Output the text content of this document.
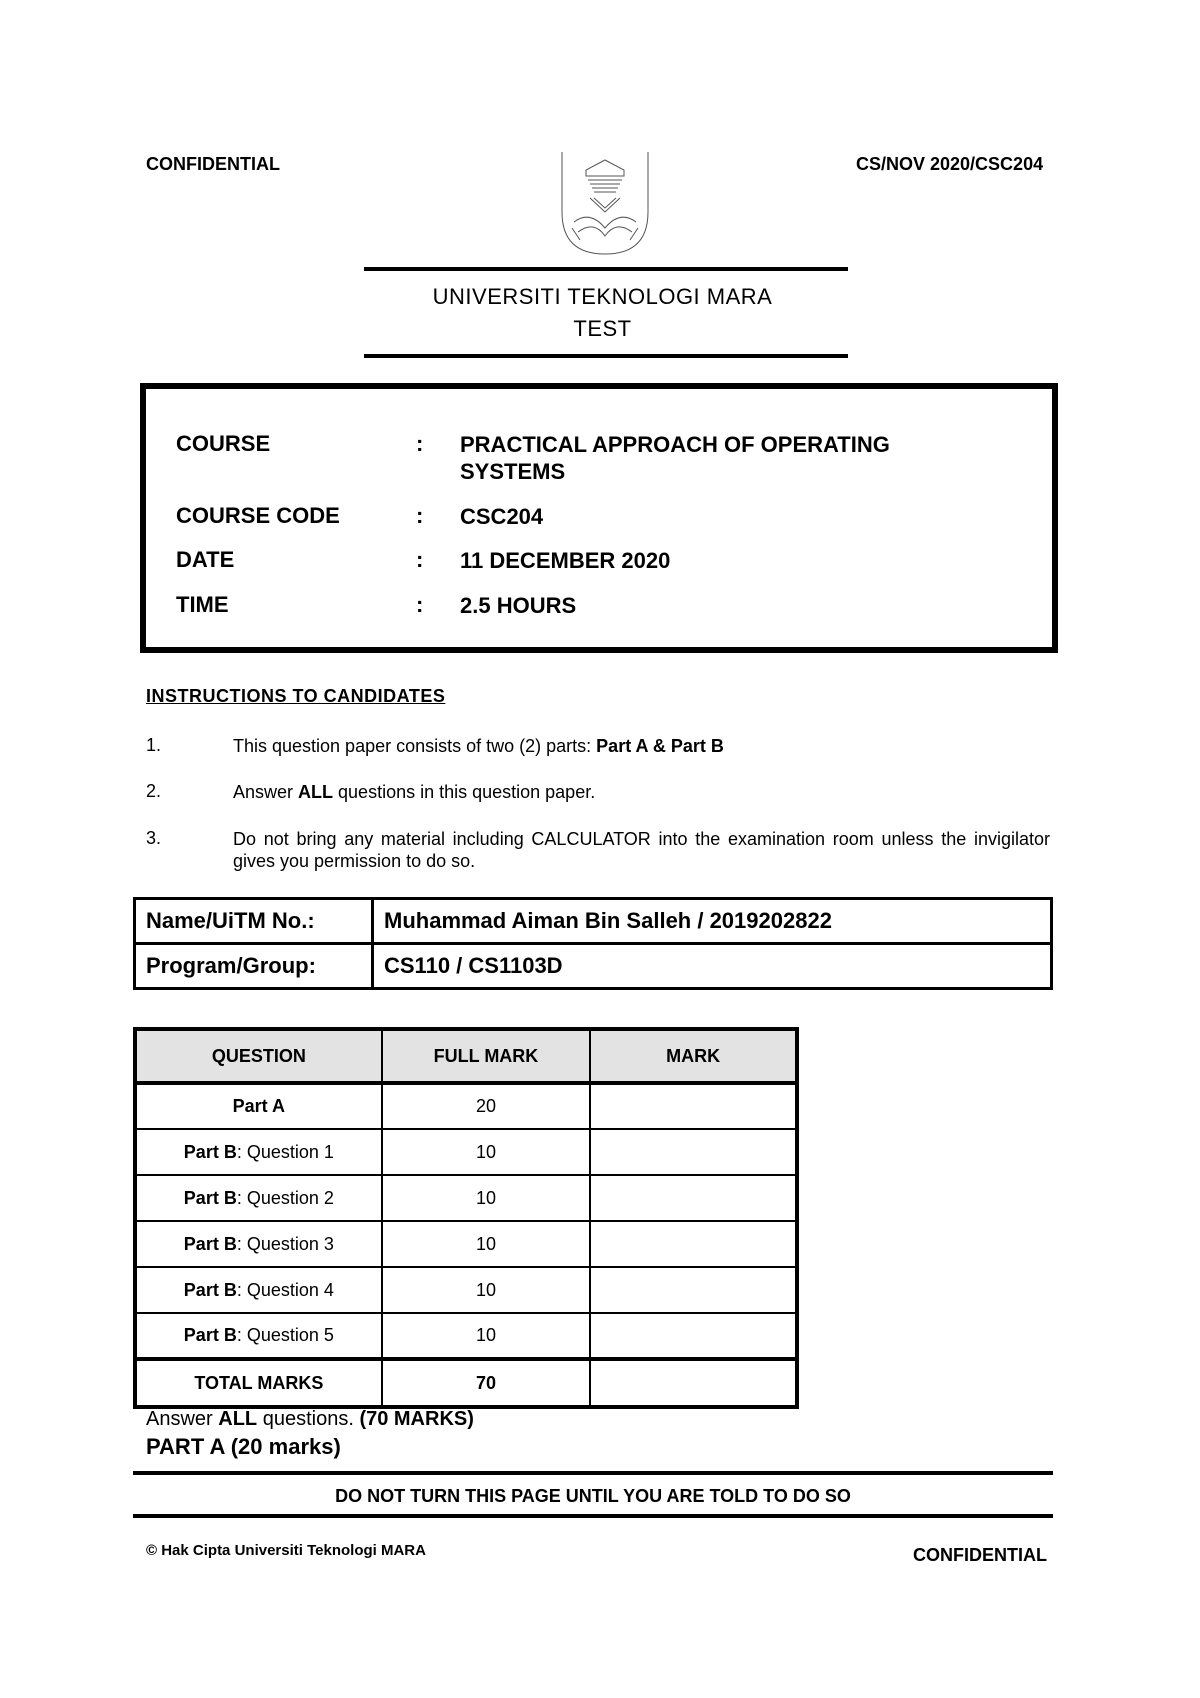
CONFIDENTIAL	CS/NOV 2020/CSC204
UNIVERSITI TEKNOLOGI MARA
TEST
COURSE	: PRACTICAL APPROACH OF OPERATING SYSTEMS
COURSE CODE	: CSC204
DATE	: 11 DECEMBER 2020
TIME	: 2.5 HOURS
INSTRUCTIONS TO CANDIDATES
1.	This question paper consists of two (2) parts: Part A & Part B
2.	Answer ALL questions in this question paper.
3.	Do not bring any material including CALCULATOR into the examination room unless the invigilator gives you permission to do so.
Name/UiTM No.:	Muhammad Aiman Bin Salleh / 2019202822
Program/Group:	CS110 / CS1103D
QUESTION	FULL MARK	MARK
Part A	20	
Part B: Question 1	10	
Part B: Question 2	10	
Part B: Question 3	10	
Part B: Question 4	10	
Part B: Question 5	10	
TOTAL MARKS	70	
Answer ALL questions. (70 MARKS)
PART A (20 marks)
DO NOT TURN THIS PAGE UNTIL YOU ARE TOLD TO DO SO
© Hak Cipta Universiti Teknologi MARA	CONFIDENTIAL
